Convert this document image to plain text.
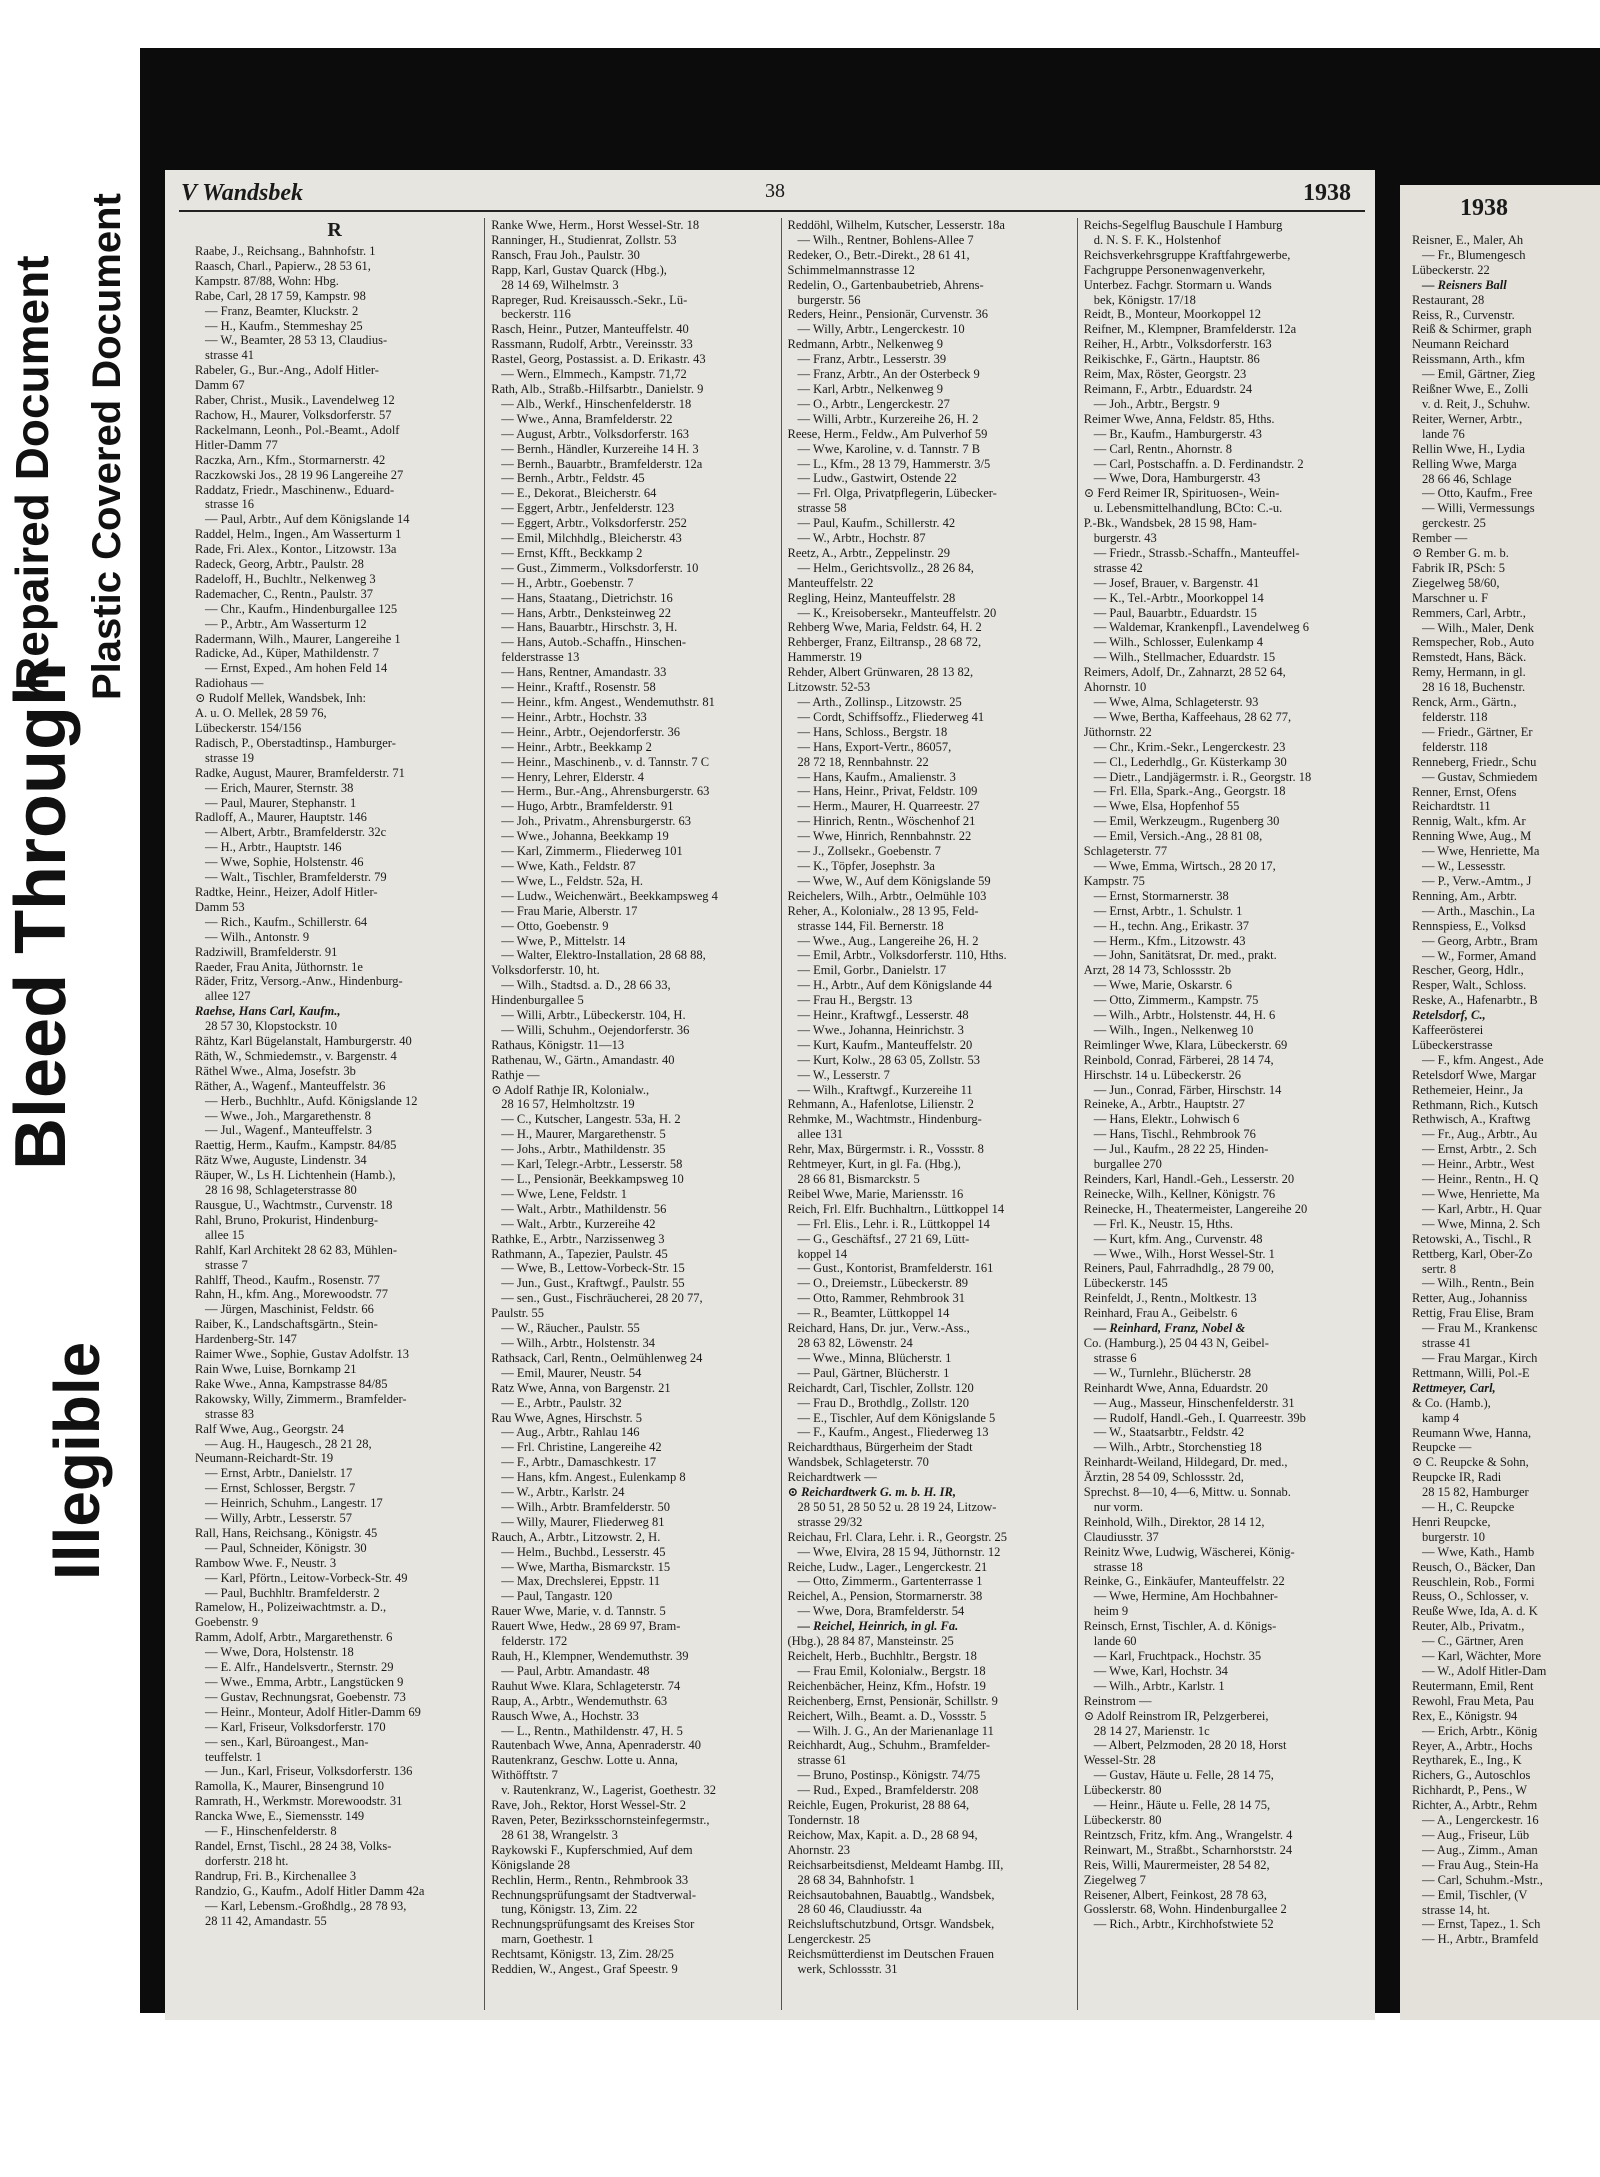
Bleed Through
Illegible
Repaired Document Plastic Covered Document
V Wandsbek	38	1938
R
Raabe, J., Reichsang., Bahnhofstr. 1
Raasch, Charl., Papierw., 28 53 61,
Kampstr. 87/88, Wohn: Hbg.
Rabe, Carl, 28 17 59, Kampstr. 98
— Franz, Beamter, Kluckstr. 2
— H., Kaufm., Stemmeshay 25
— W., Beamter, 28 53 13, Claudius-
strasse 41
Rabeler, G., Bur.-Ang., Adolf Hitler-
Damm 67
Raber, Christ., Musik., Lavendelweg 12
Rachow, H., Maurer, Volksdorferstr. 57
Rackelmann, Leonh., Pol.-Beamt., Adolf
Hitler-Damm 77
Raczka, Arn., Kfm., Stormarnerstr. 42
Raczkowski Jos., 28 19 96 Langereihe 27
Raddatz, Friedr., Maschinenw., Eduard-
strasse 16
— Paul, Arbtr., Auf dem Königslande 14
Raddel, Helm., Ingen., Am Wasserturm 1
Rade, Fri. Alex., Kontor., Litzowstr. 13a
Radeck, Georg, Arbtr., Paulstr. 28
Radeloff, H., Buchltr., Nelkenweg 3
Rademacher, C., Rentn., Paulstr. 37
— Chr., Kaufm., Hindenburgallee 125
— P., Arbtr., Am Wasserturm 12
Radermann, Wilh., Maurer, Langereihe 1
Radicke, Ad., Küper, Mathildenstr. 7
— Ernst, Exped., Am hohen Feld 14
Radiohaus —
⊙ Rudolf Mellek, Wandsbek, Inh:
A. u. O. Mellek, 28 59 76,
Lübeckerstr. 154/156
Radisch, P., Oberstadtinsp., Hamburger-
strasse 19
Radke, August, Maurer, Bramfelderstr. 71
— Erich, Maurer, Sternstr. 38
— Paul, Maurer, Stephanstr. 1
Radloff, A., Maurer, Hauptstr. 146
— Albert, Arbtr., Bramfelderstr. 32c
— H., Arbtr., Hauptstr. 146
— Wwe, Sophie, Holstenstr. 46
— Walt., Tischler, Bramfelderstr. 79
Radtke, Heinr., Heizer, Adolf Hitler-
Damm 53
— Rich., Kaufm., Schillerstr. 64
— Wilh., Antonstr. 9
Radziwill, Bramfelderstr. 91
Raeder, Frau Anita, Jüthornstr. 1e
Räder, Fritz, Versorg.-Anw., Hindenburg-
allee 127
Raehse, Hans Carl, Kaufm.,
28 57 30, Klopstockstr. 10
Rähtz, Karl Bügelanstalt, Hamburgerstr. 40
Räth, W., Schmiedemstr., v. Bargenstr. 4
Räthel Wwe., Alma, Josefstr. 3b
Räther, A., Wagenf., Manteuffelstr. 36
— Herb., Buchhltr., Aufd. Königslande 12
— Wwe., Joh., Margarethenstr. 8
— Jul., Wagenf., Manteuffelstr. 3
Raettig, Herm., Kaufm., Kampstr. 84/85
Rätz Wwe, Auguste, Lindenstr. 34
Räuper, W., Ls H. Lichtenhein (Hamb.),
28 16 98, Schlageterstrasse 80
Rausgue, U., Wachtmstr., Curvenstr. 18
Rahl, Bruno, Prokurist, Hindenburg-
allee 15
Rahlf, Karl Architekt 28 62 83, Mühlen-
strasse 7
Rahlff, Theod., Kaufm., Rosenstr. 77
Rahn, H., kfm. Ang., Morewoodstr. 77
— Jürgen, Maschinist, Feldstr. 66
Raiber, K., Landschaftsgärtn., Stein-
Hardenberg-Str. 147
Raimer Wwe., Sophie, Gustav Adolfstr. 13
Rain Wwe, Luise, Bornkamp 21
Rake Wwe., Anna, Kampstrasse 84/85
Rakowsky, Willy, Zimmerm., Bramfelder-
strasse 83
Ralf Wwe, Aug., Georgstr. 24
— Aug. H., Haugesch., 28 21 28,
Neumann-Reichardt-Str. 19
— Ernst, Arbtr., Danielstr. 17
— Ernst, Schlosser, Bergstr. 7
— Heinrich, Schuhm., Langestr. 17
— Willy, Arbtr., Lesserstr. 57
Rall, Hans, Reichsang., Königstr. 45
— Paul, Schneider, Königstr. 30
Rambow Wwe. F., Neustr. 3
— Karl, Pförtn., Leitow-Vorbeck-Str. 49
— Paul, Buchhltr. Bramfelderstr. 2
Ramelow, H., Polizeiwachtmstr. a. D.,
Goebenstr. 9
Ramm, Adolf, Arbtr., Margarethenstr. 6
— Wwe, Dora, Holstenstr. 18
— E. Alfr., Handelsvertr., Sternstr. 29
— Wwe., Emma, Arbtr., Langstücken 9
— Gustav, Rechnungsrat, Goebenstr. 73
— Heinr., Monteur, Adolf Hitler-Damm 69
— Karl, Friseur, Volksdorferstr. 170
— sen., Karl, Büroangest., Man-
teuffelstr. 1
— Jun., Karl, Friseur, Volksdorferstr. 136
Ramolla, K., Maurer, Binsengrund 10
Ramrath, H., Werkmstr. Morewoodstr. 31
Rancka Wwe, E., Siemensstr. 149
— F., Hinschenfelderstr. 8
Randel, Ernst, Tischl., 28 24 38, Volks-
dorferstr. 218 ht.
Randrup, Fri. B., Kirchenallee 3
Randzio, G., Kaufm., Adolf Hitler Damm 42a
— Karl, Lebensm.-Großhdlg., 28 78 93,
28 11 42, Amandastr. 55
Ranke Wwe, Herm., Horst Wessel-Str. 18
Ranninger, H., Studienrat, Zollstr. 53
Ransch, Frau Joh., Paulstr. 30
Rapp, Karl, Gustav Quarck (Hbg.),
28 14 69, Wilhelmstr. 3
Rapreger, Rud. Kreisaussch.-Sekr., Lü-
beckerstr. 116
Rasch, Heinr., Putzer, Manteuffelstr. 40
Rassmann, Rudolf, Arbtr., Vereinsstr. 33
Rastel, Georg, Postassist. a. D. Erikastr. 43
— Wern., Elmmech., Kampstr. 71,72
Rath, Alb., Straßb.-Hilfsarbtr., Danielstr. 9
— Alb., Werkf., Hinschenfelderstr. 18
— Wwe., Anna, Bramfelderstr. 22
— August, Arbtr., Volksdorferstr. 163
— Bernh., Händler, Kurzereihe 14 H. 3
— Bernh., Bauarbtr., Bramfelderstr. 12a
— Bernh., Arbtr., Feldstr. 45
— E., Dekorat., Bleicherstr. 64
— Eggert, Arbtr., Jenfelderstr. 123
— Eggert, Arbtr., Volksdorferstr. 252
— Emil, Milchhdlg., Bleicherstr. 43
— Ernst, Kfft., Beckkamp 2
— Gust., Zimmerm., Volksdorferstr. 10
— H., Arbtr., Goebenstr. 7
— Hans, Staatang., Dietrichstr. 16
— Hans, Arbtr., Denksteinweg 22
— Hans, Bauarbtr., Hirschstr. 3, H.
— Hans, Autob.-Schaffn., Hinschen-
felderstrasse 13
— Hans, Rentner, Amandastr. 33
— Heinr., Kraftf., Rosenstr. 58
— Heinr., kfm. Angest., Wendemuthstr. 81
— Heinr., Arbtr., Hochstr. 33
— Heinr., Arbtr., Oejendorferstr. 36
— Heinr., Arbtr., Beekkamp 2
— Heinr., Maschinenb., v. d. Tannstr. 7 C
— Henry, Lehrer, Elderstr. 4
— Herm., Bur.-Ang., Ahrensburgerstr. 63
— Hugo, Arbtr., Bramfelderstr. 91
— Joh., Privatm., Ahrensburgerstr. 63
— Wwe., Johanna, Beekkamp 19
— Karl, Zimmerm., Fliederweg 101
— Wwe, Kath., Feldstr. 87
— Wwe, L., Feldstr. 52a, H.
— Ludw., Weichenwärt., Beekkampsweg 4
— Frau Marie, Alberstr. 17
— Otto, Goebenstr. 9
— Wwe, P., Mittelstr. 14
— Walter, Elektro-Installation, 28 68 88,
Volksdorferstr. 10, ht.
— Wilh., Stadtsd. a. D., 28 66 33,
Hindenburgallee 5
— Willi, Arbtr., Lübeckerstr. 104, H.
— Willi, Schuhm., Oejendorferstr. 36
Rathaus, Königstr. 11—13
Rathenau, W., Gärtn., Amandastr. 40
Rathje —
⊙ Adolf Rathje IR, Kolonialw.,
28 16 57, Helmholtzstr. 19
— C., Kutscher, Langestr. 53a, H. 2
— H., Maurer, Margarethenstr. 5
— Johs., Arbtr., Mathildenstr. 35
— Karl, Telegr.-Arbtr., Lesserstr. 58
— L., Pensionär, Beekkampsweg 10
— Wwe, Lene, Feldstr. 1
— Walt., Arbtr., Mathildenstr. 56
— Walt., Arbtr., Kurzereihe 42
Rathke, E., Arbtr., Narzissenweg 3
Rathmann, A., Tapezier, Paulstr. 45
— Wwe, B., Lettow-Vorbeck-Str. 15
— Jun., Gust., Kraftwgf., Paulstr. 55
— sen., Gust., Fischräucherei, 28 20 77,
Paulstr. 55
— W., Räucher., Paulstr. 55
— Wilh., Arbtr., Holstenstr. 34
Rathsack, Carl, Rentn., Oelmühlenweg 24
— Emil, Maurer, Neustr. 54
Ratz Wwe, Anna, von Bargenstr. 21
— E., Arbtr., Paulstr. 32
Rau Wwe, Agnes, Hirschstr. 5
— Aug., Arbtr., Rahlau 146
— Frl. Christine, Langereihe 42
— F., Arbtr., Damaschkestr. 17
— Hans, kfm. Angest., Eulenkamp 8
— W., Arbtr., Karlstr. 24
— Wilh., Arbtr. Bramfelderstr. 50
— Willy, Maurer, Fliederweg 81
Rauch, A., Arbtr., Litzowstr. 2, H.
— Helm., Buchbd., Lesserstr. 45
— Wwe, Martha, Bismarckstr. 15
— Max, Drechslerei, Eppstr. 11
— Paul, Tangastr. 120
Rauer Wwe, Marie, v. d. Tannstr. 5
Rauert Wwe, Hedw., 28 69 97, Bram-
felderstr. 172
Rauh, H., Klempner, Wendemuthstr. 39
— Paul, Arbtr. Amandastr. 48
Rauhut Wwe. Klara, Schlageterstr. 74
Raup, A., Arbtr., Wendemuthstr. 63
Rausch Wwe, A., Hochstr. 33
— L., Rentn., Mathildenstr. 47, H. 5
Rautenbach Wwe, Anna, Apenraderstr. 40
Rautenkranz, Geschw. Lotte u. Anna,
Withöfftstr. 7
v. Rautenkranz, W., Lagerist, Goethestr. 32
Rave, Joh., Rektor, Horst Wessel-Str. 2
Raven, Peter, Bezirksschornsteinfegermstr.,
28 61 38, Wrangelstr. 3
Raykowski F., Kupferschmied, Auf dem
Königslande 28
Rechlin, Herm., Rentn., Rehmbrook 33
Rechnungsprüfungsamt der Stadtverwal-
tung, Königstr. 13, Zim. 22
Rechnungsprüfungsamt des Kreises Stor
marn, Goethestr. 1
Rechtsamt, Königstr. 13, Zim. 28/25
Reddien, W., Angest., Graf Speestr. 9
Reddöhl, Wilhelm, Kutscher, Lesserstr. 18a
— Wilh., Rentner, Bohlens-Allee 7
Redeker, O., Betr.-Direkt., 28 61 41,
Schimmelmannstrasse 12
Redelin, O., Gartenbaubetrieb, Ahrens-
burgerstr. 56
Reders, Heinr., Pensionär, Curvenstr. 36
— Willy, Arbtr., Lengerckestr. 10
Redmann, Arbtr., Nelkenweg 9
— Franz, Arbtr., Lesserstr. 39
— Franz, Arbtr., An der Osterbeck 9
— Karl, Arbtr., Nelkenweg 9
— O., Arbtr., Lengerckestr. 27
— Willi, Arbtr., Kurzereihe 26, H. 2
Reese, Herm., Feldw., Am Pulverhof 59
— Wwe, Karoline, v. d. Tannstr. 7 B
— L., Kfm., 28 13 79, Hammerstr. 3/5
— Ludw., Gastwirt, Ostende 22
— Frl. Olga, Privatpflegerin, Lübecker-
strasse 58
— Paul, Kaufm., Schillerstr. 42
— W., Arbtr., Hochstr. 87
Reetz, A., Arbtr., Zeppelinstr. 29
— Helm., Gerichtsvollz., 28 26 84,
Manteuffelstr. 22
Regling, Heinz, Manteuffelstr. 28
— K., Kreisobersekr., Manteuffelstr. 20
Rehberg Wwe, Maria, Feldstr. 64, H. 2
Rehberger, Franz, Eiltransp., 28 68 72,
Hammerstr. 19
Rehder, Albert Grünwaren, 28 13 82,
Litzowstr. 52-53
— Arth., Zollinsp., Litzowstr. 25
— Cordt, Schiffsoffz., Fliederweg 41
— Hans, Schloss., Bergstr. 18
— Hans, Export-Vertr., 86057,
28 72 18, Rennbahnstr. 22
— Hans, Kaufm., Amalienstr. 3
— Hans, Heinr., Privat, Feldstr. 109
— Herm., Maurer, H. Quarreestr. 27
— Hinrich, Rentn., Wöschenhof 21
— Wwe, Hinrich, Rennbahnstr. 22
— J., Zollsekr., Goebenstr. 7
— K., Töpfer, Josephstr. 3a
— Wwe, W., Auf dem Königslande 59
Reichelers, Wilh., Arbtr., Oelmühle 103
Reher, A., Kolonialw., 28 13 95, Feld-
strasse 144, Fil. Bernerstr. 18
— Wwe., Aug., Langereihe 26, H. 2
— Emil, Arbtr., Volksdorferstr. 110, Hths.
— Emil, Gorbr., Danielstr. 17
— H., Arbtr., Auf dem Königslande 44
— Frau H., Bergstr. 13
— Heinr., Kraftwgf., Lesserstr. 48
— Wwe., Johanna, Heinrichstr. 3
— Kurt, Kaufm., Manteuffelstr. 20
— Kurt, Kolw., 28 63 05, Zollstr. 53
— W., Lesserstr. 7
— Wilh., Kraftwgf., Kurzereihe 11
Rehmann, A., Hafenlotse, Lilienstr. 2
Rehmke, M., Wachtmstr., Hindenburg-
allee 131
Rehr, Max, Bürgermstr. i. R., Vossstr. 8
Rehtmeyer, Kurt, in gl. Fa. (Hbg.),
28 66 81, Bismarckstr. 5
Reibel Wwe, Marie, Mariensstr. 16
Reich, Frl. Elfr. Buchhaltrn., Lüttkoppel 14
— Frl. Elis., Lehr. i. R., Lüttkoppel 14
— G., Geschäftsf., 27 21 69, Lütt-
koppel 14
— Gust., Kontorist, Bramfelderstr. 161
— O., Dreiemstr., Lübeckerstr. 89
— Otto, Rammer, Rehmbrook 31
— R., Beamter, Lüttkoppel 14
Reichard, Hans, Dr. jur., Verw.-Ass.,
28 63 82, Löwenstr. 24
— Wwe., Minna, Blücherstr. 1
— Paul, Gärtner, Blücherstr. 1
Reichardt, Carl, Tischler, Zollstr. 120
— Frau D., Brothdlg., Zollstr. 120
— E., Tischler, Auf dem Königslande 5
— F., Kaufm., Angest., Fliederweg 13
Reichardthaus, Bürgerheim der Stadt
Wandsbek, Schlageterstr. 70
Reichardtwerk —
⊙ Reichardtwerk G. m. b. H. IR,
28 50 51, 28 50 52 u. 28 19 24, Litzow-
strasse 29/32
Reichau, Frl. Clara, Lehr. i. R., Georgstr. 25
— Wwe, Elvira, 28 15 94, Jüthornstr. 12
Reiche, Ludw., Lager., Lengerckestr. 21
— Otto, Zimmerm., Gartenterrasse 1
Reichel, A., Pension, Stormarnerstr. 38
— Wwe, Dora, Bramfelderstr. 54
— Reichel, Heinrich, in gl. Fa.
(Hbg.), 28 84 87, Mansteinstr. 25
Reichelt, Herb., Buchhltr., Bergstr. 18
— Frau Emil, Kolonialw., Bergstr. 18
Reichenbächer, Heinz, Kfm., Hofstr. 19
Reichenberg, Ernst, Pensionär, Schillstr. 9
Reichert, Wilh., Beamt. a. D., Vossstr. 5
— Wilh. J. G., An der Marienanlage 11
Reichhardt, Aug., Schuhm., Bramfelder-
strasse 61
— Bruno, Postinsp., Königstr. 74/75
— Rud., Exped., Bramfelderstr. 208
Reichle, Eugen, Prokurist, 28 88 64,
Tondernstr. 18
Reichow, Max, Kapit. a. D., 28 68 94,
Ahornstr. 23
Reichsarbeitsdienst, Meldeamt Hambg. III,
28 68 34, Bahnhofstr. 1
Reichsautobahnen, Bauabtlg., Wandsbek,
28 60 46, Claudiusstr. 4a
Reichsluftschutzbund, Ortsgr. Wandsbek,
Lengerckestr. 25
Reichsmütterdienst im Deutschen Frauen
werk, Schlossstr. 31
Reichs-Segelflug Bauschule I Hamburg
d. N. S. F. K., Holstenhof
Reichsverkehrsgruppe Kraftfahrgewerbe,
Fachgruppe Personenwagenverkehr,
Unterbez. Fachgr. Stormarn u. Wands
bek, Königstr. 17/18
Reidt, B., Monteur, Moorkoppel 12
Reifner, M., Klempner, Bramfelderstr. 12a
Reiher, H., Arbtr., Volksdorferstr. 163
Reikischke, F., Gärtn., Hauptstr. 86
Reim, Max, Röster, Georgstr. 23
Reimann, F., Arbtr., Eduardstr. 24
— Joh., Arbtr., Bergstr. 9
Reimer Wwe, Anna, Feldstr. 85, Hths.
— Br., Kaufm., Hamburgerstr. 43
— Carl, Rentn., Ahornstr. 8
— Carl, Postschaffn. a. D. Ferdinandstr. 2
— Wwe, Dora, Hamburgerstr. 43
⊙ Ferd Reimer IR, Spirituosen-, Wein-
u. Lebensmittelhandlung, BCto: C.-u.
P.-Bk., Wandsbek, 28 15 98, Ham-
burgerstr. 43
— Friedr., Strassb.-Schaffn., Manteuffel-
strasse 42
— Josef, Brauer, v. Bargenstr. 41
— K., Tel.-Arbtr., Moorkoppel 14
— Paul, Bauarbtr., Eduardstr. 15
— Waldemar, Krankenpfl., Lavendelweg 6
— Wilh., Schlosser, Eulenkamp 4
— Wilh., Stellmacher, Eduardstr. 15
Reimers, Adolf, Dr., Zahnarzt, 28 52 64,
Ahornstr. 10
— Wwe, Alma, Schlageterstr. 93
— Wwe, Bertha, Kaffeehaus, 28 62 77,
Jüthornstr. 22
— Chr., Krim.-Sekr., Lengerckestr. 23
— Cl., Lederhdlg., Gr. Küsterkamp 30
— Dietr., Landjägermstr. i. R., Georgstr. 18
— Frl. Ella, Spark.-Ang., Georgstr. 18
— Wwe, Elsa, Hopfenhof 55
— Emil, Werkzeugm., Rugenberg 30
— Emil, Versich.-Ang., 28 81 08,
Schlageterstr. 77
— Wwe, Emma, Wirtsch., 28 20 17,
Kampstr. 75
— Ernst, Stormarnerstr. 38
— Ernst, Arbtr., 1. Schulstr. 1
— H., techn. Ang., Erikastr. 37
— Herm., Kfm., Litzowstr. 43
— John, Sanitätsrat, Dr. med., prakt.
Arzt, 28 14 73, Schlossstr. 2b
— Wwe, Marie, Oskarstr. 6
— Otto, Zimmerm., Kampstr. 75
— Wilh., Arbtr., Holstenstr. 44, H. 6
— Wilh., Ingen., Nelkenweg 10
Reimlinger Wwe, Klara, Lübeckerstr. 69
Reinbold, Conrad, Färberei, 28 14 74,
Hirschstr. 14 u. Lübeckerstr. 26
— Jun., Conrad, Färber, Hirschstr. 14
Reineke, A., Arbtr., Hauptstr. 27
— Hans, Elektr., Lohwisch 6
— Hans, Tischl., Rehmbrook 76
— Jul., Kaufm., 28 22 25, Hinden-
burgallee 270
Reinders, Karl, Handl.-Geh., Lesserstr. 20
Reinecke, Wilh., Kellner, Königstr. 76
Reinecke, H., Theatermeister, Langereihe 20
— Frl. K., Neustr. 15, Hths.
— Kurt, kfm. Ang., Curvenstr. 48
— Wwe., Wilh., Horst Wessel-Str. 1
Reiners, Paul, Fahrradhdlg., 28 79 00,
Lübeckerstr. 145
Reinfeldt, J., Rentn., Moltkestr. 13
Reinhard, Frau A., Geibelstr. 6
— Reinhard, Franz, Nobel &
Co. (Hamburg.), 25 04 43 N, Geibel-
strasse 6
— W., Turnlehr., Blücherstr. 28
Reinhardt Wwe, Anna, Eduardstr. 20
— Aug., Masseur, Hinschenfelderstr. 31
— Rudolf, Handl.-Geh., I. Quarreestr. 39b
— W., Staatsarbtr., Feldstr. 42
— Wilh., Arbtr., Storchenstieg 18
Reinhardt-Weiland, Hildegard, Dr. med.,
Ärztin, 28 54 09, Schlossstr. 2d,
Sprechst. 8—10, 4—6, Mittw. u. Sonnab.
nur vorm.
Reinhold, Wilh., Direktor, 28 14 12,
Claudiusstr. 37
Reinitz Wwe, Ludwig, Wäscherei, König-
strasse 18
Reinke, G., Einkäufer, Manteuffelstr. 22
— Wwe, Hermine, Am Hochbahner-
heim 9
Reinsch, Ernst, Tischler, A. d. Königs-
lande 60
— Karl, Fruchtpack., Hochstr. 35
— Wwe, Karl, Hochstr. 34
— Wilh., Arbtr., Karlstr. 1
Reinstrom —
⊙ Adolf Reinstrom IR, Pelzgerberei,
28 14 27, Marienstr. 1c
— Albert, Pelzmoden, 28 20 18, Horst
Wessel-Str. 28
— Gustav, Häute u. Felle, 28 14 75,
Lübeckerstr. 80
— Heinr., Häute u. Felle, 28 14 75,
Lübeckerstr. 80
Reintzsch, Fritz, kfm. Ang., Wrangelstr. 4
Reinwart, M., Straßbt., Scharnhorststr. 24
Reis, Willi, Maurermeister, 28 54 82,
Ziegelweg 7
Reisener, Albert, Feinkost, 28 78 63,
Gosslerstr. 68, Wohn. Hindenburgallee 2
— Rich., Arbtr., Kirchhofstwiete 52
1938
Reisner, E., Maler, Ah
— Fr., Blumengesch
Lübeckerstr. 22
— Reisners Ball
Restaurant, 28
Reiss, R., Curvenstr.
Reiß & Schirmer, graph
Neumann Reichard
Reissmann, Arth., kfm
— Emil, Gärtner, Zieg
Reißner Wwe, E., Zolli
v. d. Reit, J., Schuhw.
Reiter, Werner, Arbtr.,
lande 76
Rellin Wwe, H., Lydia
Relling Wwe, Marga
28 66 46, Schlage
— Otto, Kaufm., Free
— Willi, Vermessungs
gerckestr. 25
Rember —
⊙ Rember G. m. b.
Fabrik IR, PSch: 5
Ziegelweg 58/60,
Marschner u. F
Remmers, Carl, Arbtr.,
— Wilh., Maler, Denk
Remspecher, Rob., Auto
Remstedt, Hans, Bäck.
Remy, Hermann, in gl.
28 16 18, Buchenstr.
Renck, Arm., Gärtn.,
felderstr. 118
— Friedr., Gärtner, Er
felderstr. 118
Renneberg, Friedr., Schu
— Gustav, Schmiedem
Renner, Ernst, Ofens
Reichardtstr. 11
Rennig, Walt., kfm. Ar
Renning Wwe, Aug., M
— Wwe, Henriette, Ma
— W., Lessesstr.
— P., Verw.-Amtm., J
Renning, Am., Arbtr.
— Arth., Maschin., La
Rennspiess, E., Volksd
— Georg, Arbtr., Bram
— W., Former, Amand
Rescher, Georg, Hdlr.,
Resper, Walt., Schloss.
Reske, A., Hafenarbtr., B
Retelsdorf, C.,
Kaffeerösterei
Lübeckerstrasse
— F., kfm. Angest., Ade
Retelsdorf Wwe, Margar
Rethemeier, Heinr., Ja
Rethmann, Rich., Kutsch
Rethwisch, A., Kraftwg
— Fr., Aug., Arbtr., Au
— Ernst, Arbtr., 2. Sch
— Heinr., Arbtr., West
— Heinr., Rentn., H. Q
— Wwe, Henriette, Ma
— Karl, Arbtr., H. Quar
— Wwe, Minna, 2. Sch
Retowski, A., Tischl., R
Rettberg, Karl, Ober-Zo
sertr. 8
— Wilh., Rentn., Bein
Retter, Aug., Johanniss
Rettig, Frau Elise, Bram
— Frau M., Krankensc
strasse 41
— Frau Margar., Kirch
Rettmann, Willi, Pol.-E
Rettmeyer, Carl,
& Co. (Hamb.),
kamp 4
Reumann Wwe, Hanna,
Reupcke —
⊙ C. Reupcke & Sohn,
Reupcke IR, Radi
28 15 82, Hamburger
— H., C. Reupcke
Henri Reupcke,
burgerstr. 10
— Wwe, Kath., Hamb
Reusch, O., Bäcker, Dan
Reuschlein, Rob., Formi
Reuss, O., Schlosser, v.
Reuße Wwe, Ida, A. d. K
Reuter, Alb., Privatm.,
— C., Gärtner, Aren
— Karl, Wächter, More
— W., Adolf Hitler-Dam
Reutermann, Emil, Rent
Rewohl, Frau Meta, Pau
Rex, E., Königstr. 94
— Erich, Arbtr., König
Reyer, A., Arbtr., Hochs
Reytharek, E., Ing., K
Richers, G., Autoschlos
Richhardt, P., Pens., W
Richter, A., Arbtr., Rehm
— A., Lengerckestr. 16
— Aug., Friseur, Lüb
— Aug., Zimm., Aman
— Frau Aug., Stein-Ha
— Carl, Schuhm.-Mstr.,
— Emil, Tischler, (V
strasse 14, ht.
— Ernst, Tapez., 1. Sch
— H., Arbtr., Bramfeld
